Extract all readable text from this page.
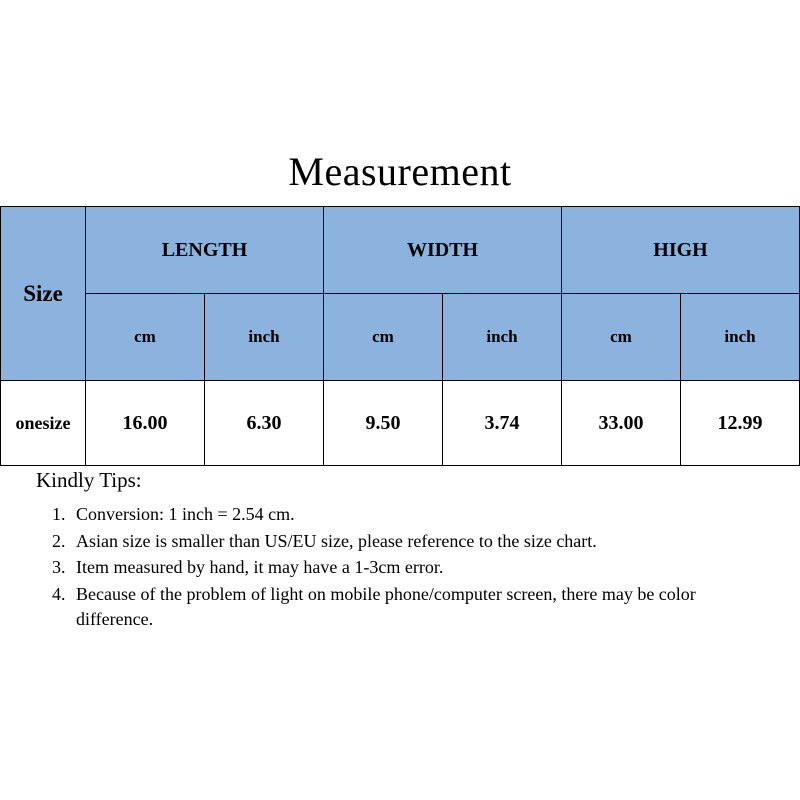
Measurement
Size	LENGTH		WIDTH		HIGH	
	cm	inch	cm	inch	cm	inch
onesize	16.00	6.30	9.50	3.74	33.00	12.99
Kindly Tips:
1. Conversion: 1 inch = 2.54 cm.
2. Asian size is smaller than US/EU size, please reference to the size chart.
3. Item measured by hand, it may have a 1-3cm error.
4. Because of the problem of light on mobile phone/computer screen, there may be color difference.
